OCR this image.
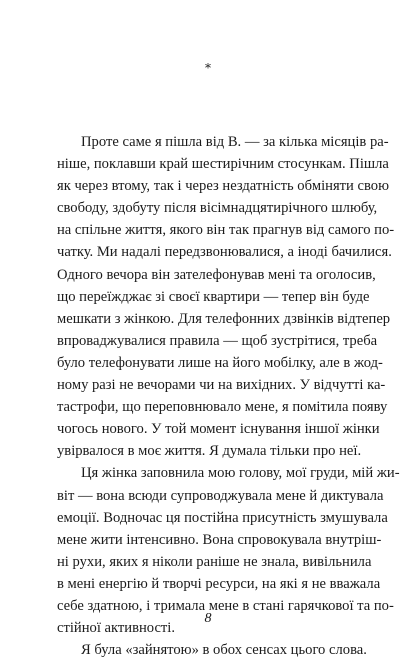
*
Проте саме я пішла від В. — за кілька місяців ра-
ніше, поклавши край шестирічним стосункам. Пішла
як через втому, так і через нездатність обміняти свою
свободу, здобуту після вісімнадцятирічного шлюбу,
на спільне життя, якого він так прагнув від самого по-
чатку. Ми надалі передзвонювалися, а іноді бачилися.
Одного вечора він зателефонував мені та оголосив,
що переїжджає зі своєї квартири — тепер він буде
мешкати з жінкою. Для телефонних дзвінків відтепер
впроваджувалися правила — щоб зустрітися, треба
було телефонувати лише на його мобілку, але в жод-
ному разі не вечорами чи на вихідних. У відчутті ка-
тастрофи, що переповнювало мене, я помітила появу
чогось нового. У той момент існування іншої жінки
увірвалося в моє життя. Я думала тільки про неї.
Ця жінка заповнила мою голову, мої груди, мій жи-
віт — вона всюди супроводжувала мене й диктувала
емоції. Водночас ця постійна присутність змушувала
мене жити інтенсивно. Вона спровокувала внутріш-
ні рухи, яких я ніколи раніше не знала, вивільнила
в мені енергію й творчі ресурси, на які я не вважала
себе здатною, і тримала мене в стані гарячкової та по-
стійної активності.
Я була «зайнятою» в обох сенсах цього слова.
8
